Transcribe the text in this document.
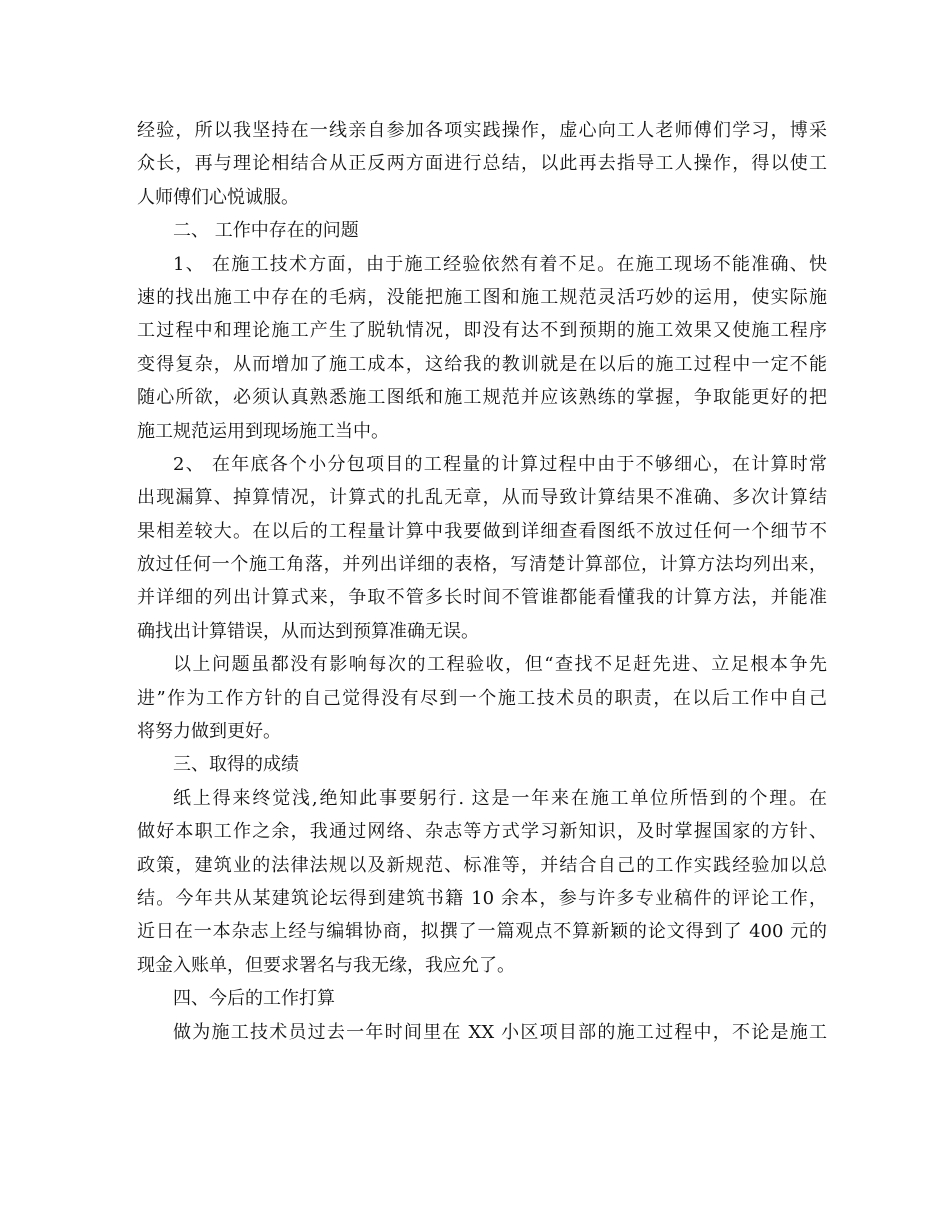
经验，所以我坚持在一线亲自参加各项实践操作，虚心向工人老师傅们学习，博采
众长，再与理论相结合从正反两方面进行总结，以此再去指导工人操作，得以使工
人师傅们心悦诚服。
二、 工作中存在的问题
1、 在施工技术方面，由于施工经验依然有着不足。在施工现场不能准确、快
速的找出施工中存在的毛病，没能把施工图和施工规范灵活巧妙的运用，使实际施
工过程中和理论施工产生了脱轨情况，即没有达不到预期的施工效果又使施工程序
变得复杂，从而增加了施工成本，这给我的教训就是在以后的施工过程中一定不能
随心所欲，必须认真熟悉施工图纸和施工规范并应该熟练的掌握，争取能更好的把
施工规范运用到现场施工当中。
2、 在年底各个小分包项目的工程量的计算过程中由于不够细心，在计算时常
出现漏算、掉算情况，计算式的扎乱无章，从而导致计算结果不准确、多次计算结
果相差较大。在以后的工程量计算中我要做到详细查看图纸不放过任何一个细节不
放过任何一个施工角落，并列出详细的表格，写清楚计算部位，计算方法均列出来，
并详细的列出计算式来，争取不管多长时间不管谁都能看懂我的计算方法，并能准
确找出计算错误，从而达到预算准确无误。
以上问题虽都没有影响每次的工程验收，但“查找不足赶先进、立足根本争先
进”作为工作方针的自己觉得没有尽到一个施工技术员的职责，在以后工作中自己
将努力做到更好。
三、取得的成绩
纸上得来终觉浅,绝知此事要躬行. 这是一年来在施工单位所悟到的个理。在
做好本职工作之余，我通过网络、杂志等方式学习新知识，及时掌握国家的方针、
政策，建筑业的法律法规以及新规范、标准等，并结合自己的工作实践经验加以总
结。今年共从某建筑论坛得到建筑书籍 10 余本，参与许多专业稿件的评论工作，
近日在一本杂志上经与编辑协商，拟撰了一篇观点不算新颖的论文得到了 400 元的
现金入账单，但要求署名与我无缘，我应允了。
四、今后的工作打算
做为施工技术员过去一年时间里在 XX 小区项目部的施工过程中，不论是施工
